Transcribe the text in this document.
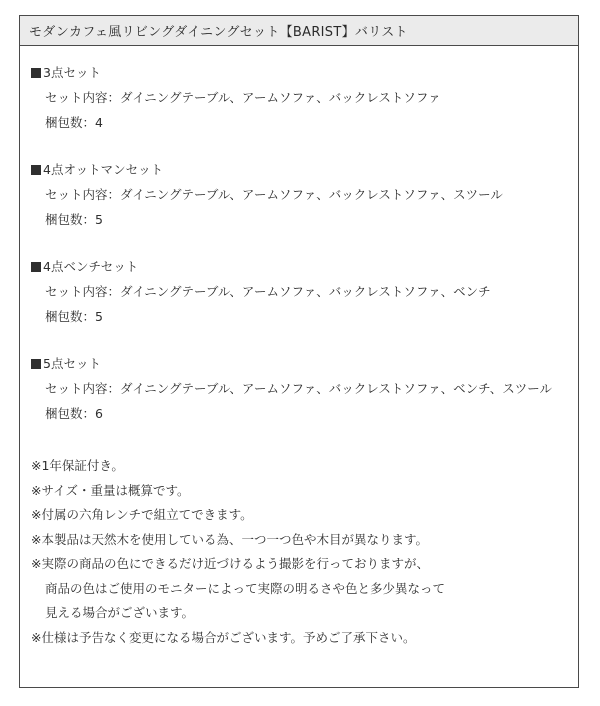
モダンカフェ風リビングダイニングセット【BARIST】バリスト
3点セット
セット内容：ダイニングテーブル、アームソファ、バックレストソファ
梱包数：4
4点オットマンセット
セット内容：ダイニングテーブル、アームソファ、バックレストソファ、スツール
梱包数：5
4点ベンチセット
セット内容：ダイニングテーブル、アームソファ、バックレストソファ、ベンチ
梱包数：5
5点セット
セット内容：ダイニングテーブル、アームソファ、バックレストソファ、ベンチ、スツール
梱包数：6
※1年保証付き。
※サイズ・重量は概算です。
※付属の六角レンチで組立てできます。
※本製品は天然木を使用している為、一つ一つ色や木目が異なります。
※実際の商品の色にできるだけ近づけるよう撮影を行っておりますが、
商品の色はご使用のモニターによって実際の明るさや色と多少異なって
見える場合がございます。
※仕様は予告なく変更になる場合がございます。予めご了承下さい。
